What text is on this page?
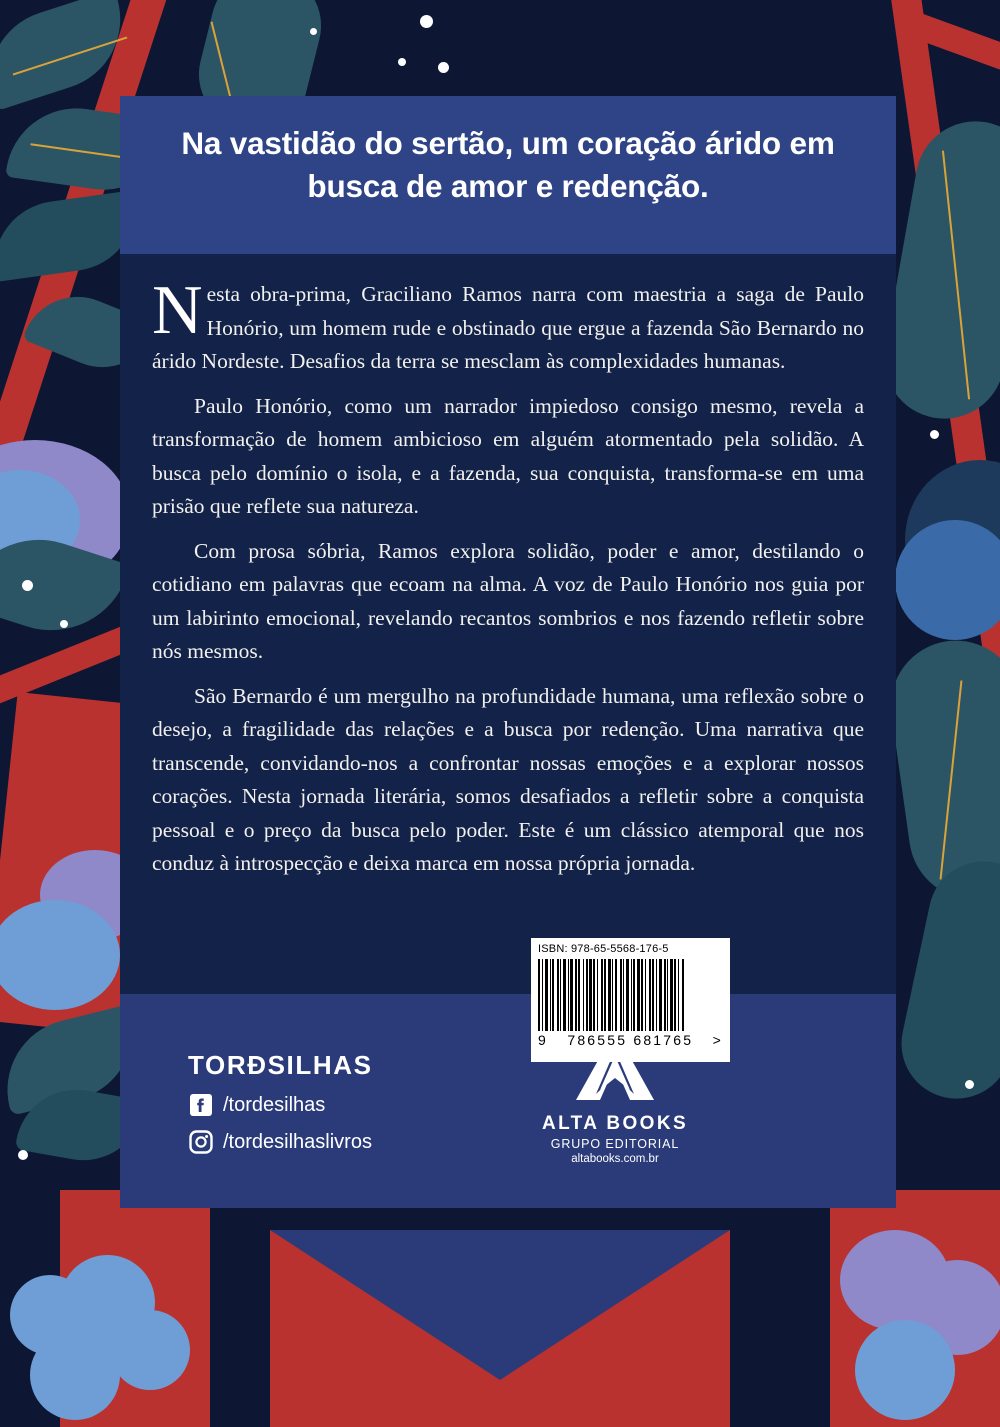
Na vastidão do sertão, um coração árido em busca de amor e redenção.

Nesta obra-prima, Graciliano Ramos narra com maestria a saga de Paulo Honório, um homem rude e obstinado que ergue a fazenda São Bernardo no árido Nordeste. Desafios da terra se mesclam às complexidades humanas.

Paulo Honório, como um narrador impiedoso consigo mesmo, revela a transformação de homem ambicioso em alguém atormentado pela solidão. A busca pelo domínio o isola, e a fazenda, sua conquista, transforma-se em uma prisão que reflete sua natureza.

Com prosa sóbria, Ramos explora solidão, poder e amor, destilando o cotidiano em palavras que ecoam na alma. A voz de Paulo Honório nos guia por um labirinto emocional, revelando recantos sombrios e nos fazendo refletir sobre nós mesmos.

São Bernardo é um mergulho na profundidade humana, uma reflexão sobre o desejo, a fragilidade das relações e a busca por redenção. Uma narrativa que transcende, convidando-nos a confrontar nossas emoções e a explorar nossos corações. Nesta jornada literária, somos desafiados a refletir sobre a conquista pessoal e o preço da busca pelo poder. Este é um clássico atemporal que nos conduz à introspecção e deixa marca em nossa própria jornada.

TORÐSILHAS
/tordesilhas
/tordesilhaslivros
ALTA BOOKS
GRUPO EDITORIAL
altabooks.com.br
ISBN: 978-65-5568-176-5
9 786555 681765 >
